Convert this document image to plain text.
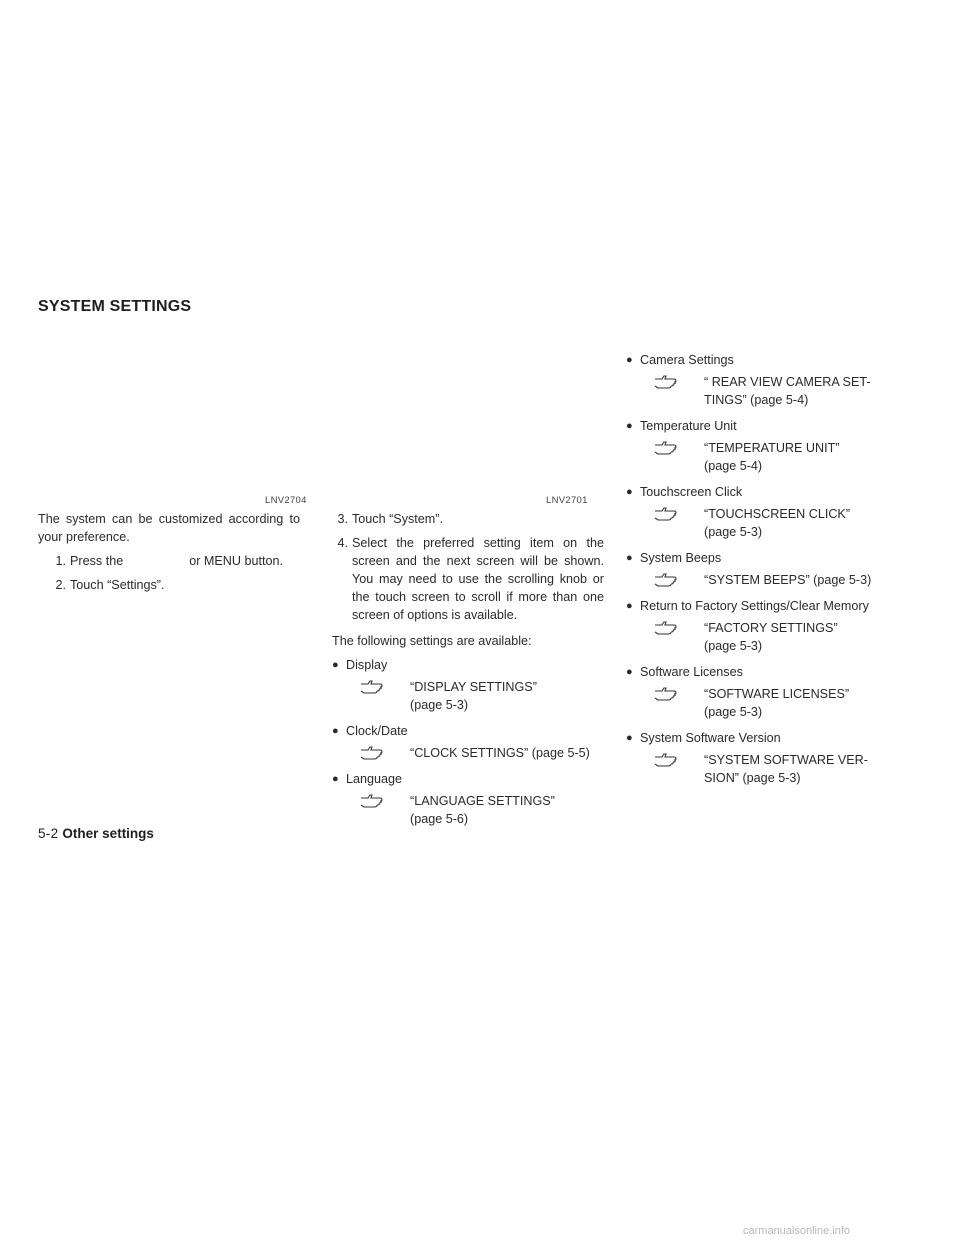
SYSTEM SETTINGS
LNV2704	LNV2701

The system can be customized according to your preference.

1. Press the	or MENU button.
2. Touch “Settings”.
3. Touch “System”.
4. Select the preferred setting item on the screen and the next screen will be shown. You may need to use the scrolling knob or the touch screen to scroll if more than one screen of options is available.

The following settings are available:

● Display
“DISPLAY SETTINGS”
(page 5-3)
● Clock/Date
“CLOCK SETTINGS” (page 5-5)
● Language
“LANGUAGE SETTINGS”
(page 5-6)
● Camera Settings
“ REAR VIEW CAMERA SET-
TINGS” (page 5-4)
● Temperature Unit
“TEMPERATURE UNIT”
(page 5-4)
● Touchscreen Click
“TOUCHSCREEN CLICK”
(page 5-3)
● System Beeps
“SYSTEM BEEPS” (page 5-3)
● Return to Factory Settings/Clear Memory
“FACTORY SETTINGS”
(page 5-3)
● Software Licenses
“SOFTWARE LICENSES”
(page 5-3)
● System Software Version
“SYSTEM SOFTWARE VER-
SION” (page 5-3)
5-2 Other settings
carmanualsonline.info
